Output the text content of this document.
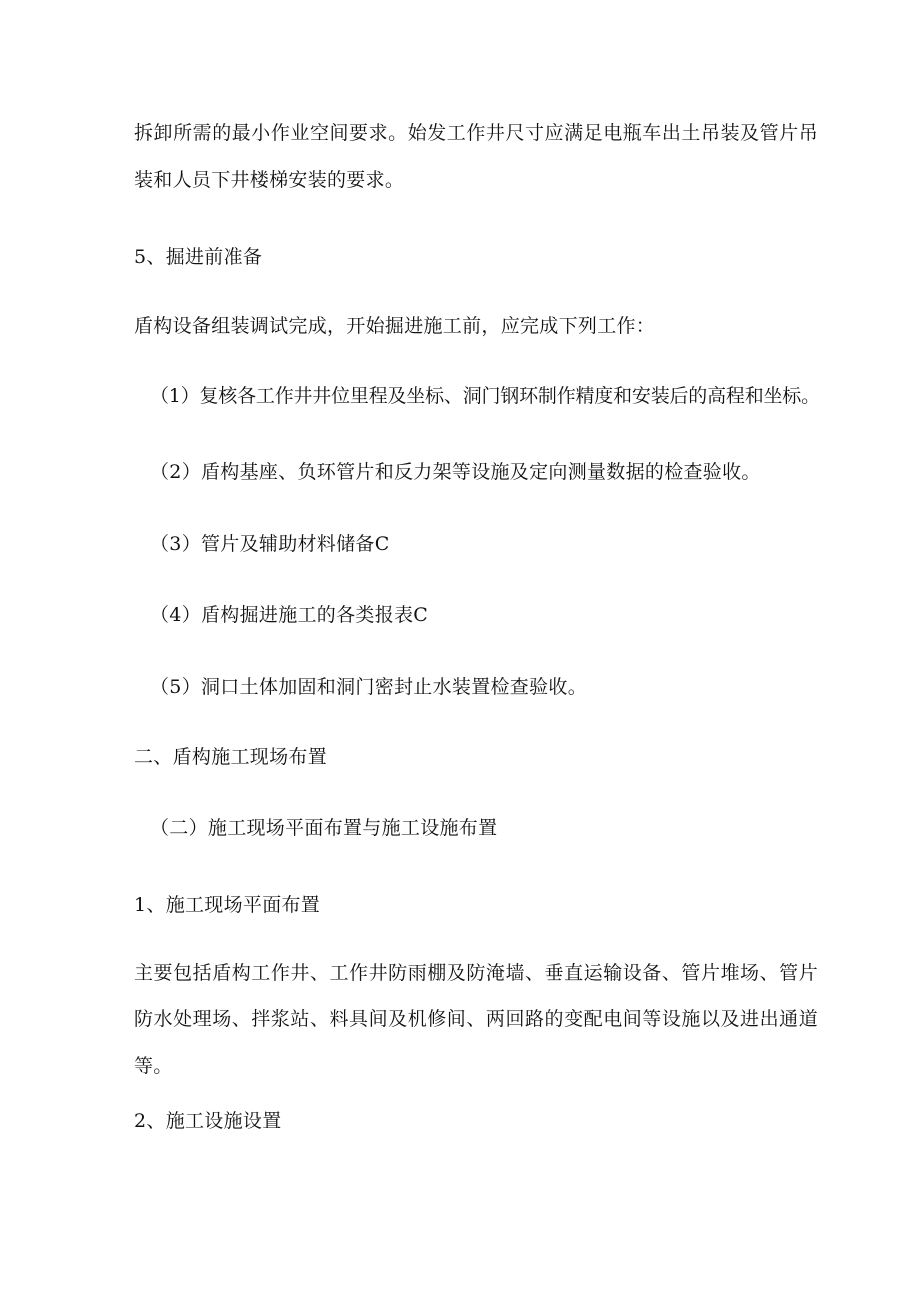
拆卸所需的最小作业空间要求。始发工作井尺寸应满足电瓶车出土吊装及管片吊
装和人员下井楼梯安装的要求。
5、掘进前准备
盾构设备组装调试完成，开始掘进施工前，应完成下列工作：
（1）复核各工作井井位里程及坐标、洞门钢环制作精度和安装后的高程和坐标。
（2）盾构基座、负环管片和反力架等设施及定向测量数据的检查验收。
（3）管片及辅助材料储备C
（4）盾构掘进施工的各类报表C
（5）洞口土体加固和洞门密封止水装置检查验收。
二、盾构施工现场布置
（二）施工现场平面布置与施工设施布置
1、施工现场平面布置
主要包括盾构工作井、工作井防雨棚及防淹墙、垂直运输设备、管片堆场、管片
防水处理场、拌浆站、料具间及机修间、两回路的变配电间等设施以及进出通道
等。
2、施工设施设置
